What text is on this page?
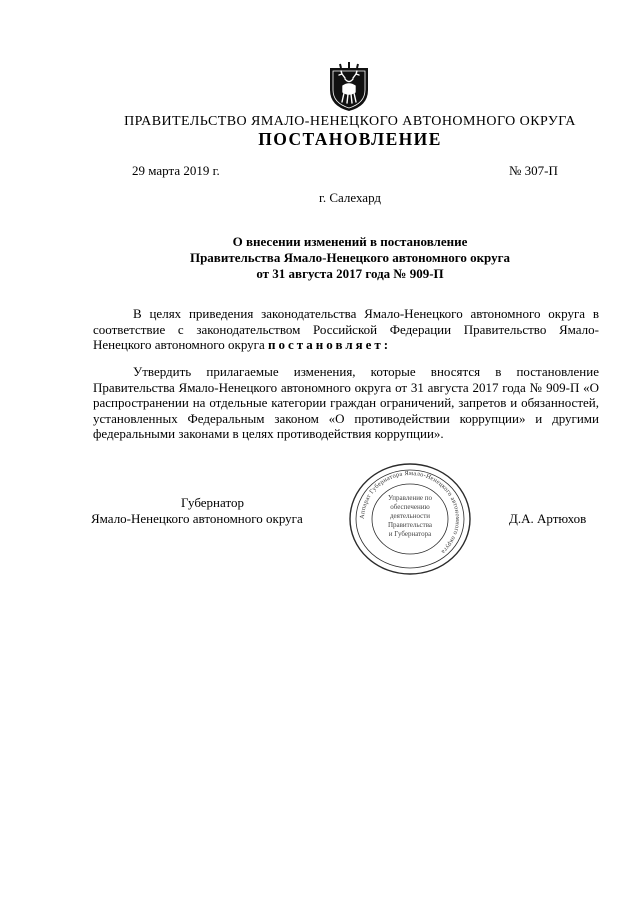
ПРАВИТЕЛЬСТВО ЯМАЛО-НЕНЕЦКОГО АВТОНОМНОГО ОКРУГА
ПОСТАНОВЛЕНИЕ
29 марта 2019 г.	№ 307-П
г. Салехард
О внесении изменений в постановление
Правительства Ямало-Ненецкого автономного округа
от 31 августа 2017 года № 909-П
В целях приведения законодательства Ямало-Ненецкого автономного округа в соответствие с законодательством Российской Федерации Правительство Ямало-Ненецкого автономного округа постановляет:
Утвердить прилагаемые изменения, которые вносятся в постановление Правительства Ямало-Ненецкого автономного округа от 31 августа 2017 года № 909-П «О распространении на отдельные категории граждан ограничений, запретов и обязанностей, установленных Федеральным законом «О противодействии коррупции» и другими федеральными законами в целях противодействия коррупции».
Губернатор
Ямало-Ненецкого автономного округа	Д.А. Артюхов
Аппарат Губернатора Ямало-Ненецкого автономного округа
Управление по
обеспечению
деятельности
Правительства
и Губернатора
